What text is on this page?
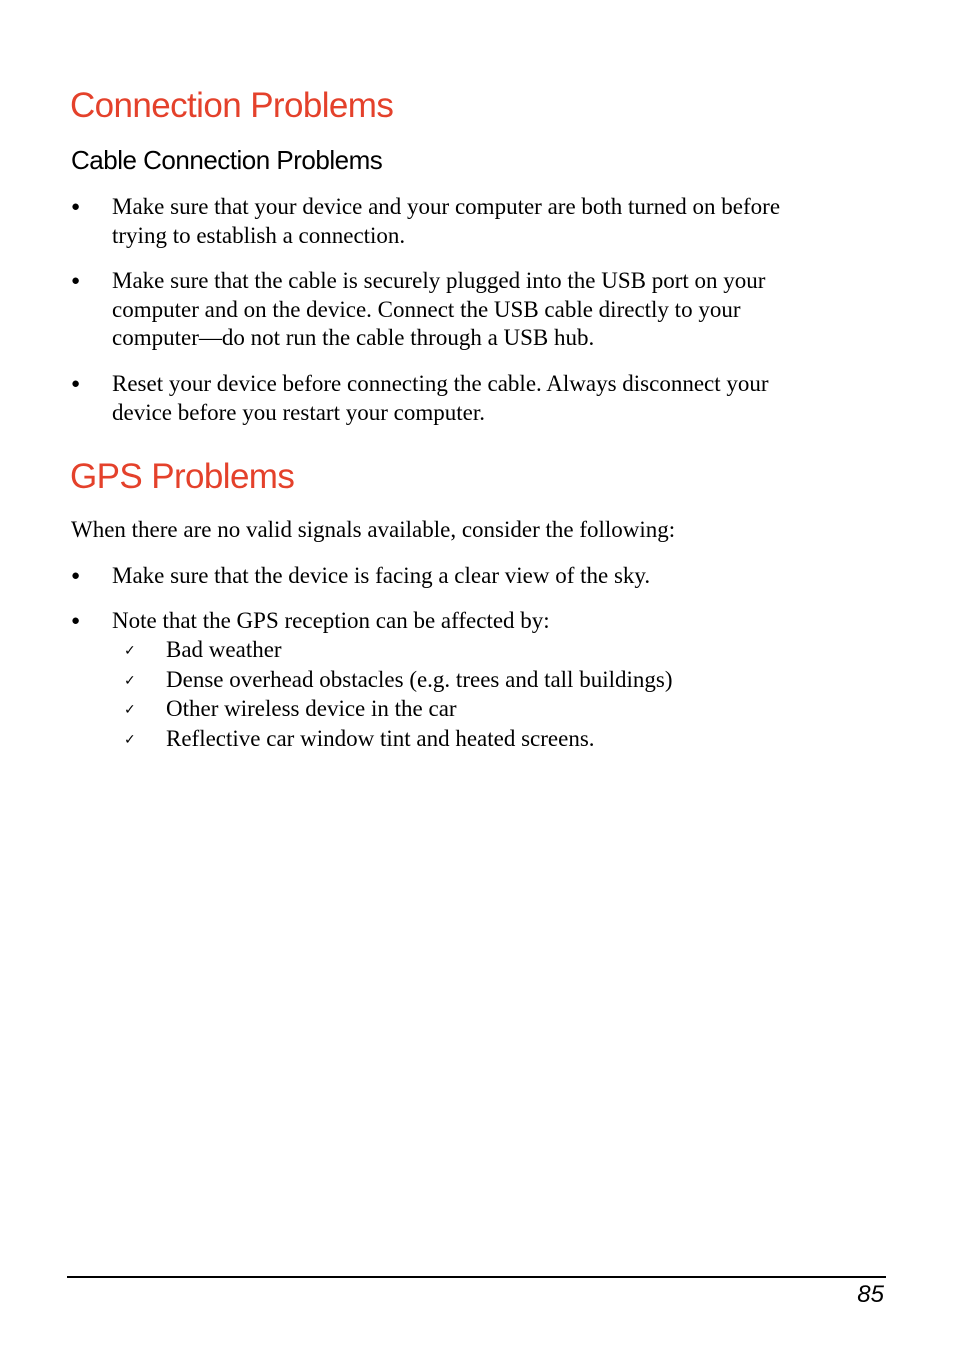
Connection Problems
Cable Connection Problems
● Make sure that your device and your computer are both turned on before
trying to establish a connection.
● Make sure that the cable is securely plugged into the USB port on your
computer and on the device. Connect the USB cable directly to your
computer—do not run the cable through a USB hub.
● Reset your device before connecting the cable. Always disconnect your
device before you restart your computer.
GPS Problems

When there are no valid signals available, consider the following:

● Make sure that the device is facing a clear view of the sky.
● Note that the GPS reception can be affected by:
✓ Bad weather
✓ Dense overhead obstacles (e.g. trees and tall buildings)
✓ Other wireless device in the car
✓ Reflective car window tint and heated screens.
85
